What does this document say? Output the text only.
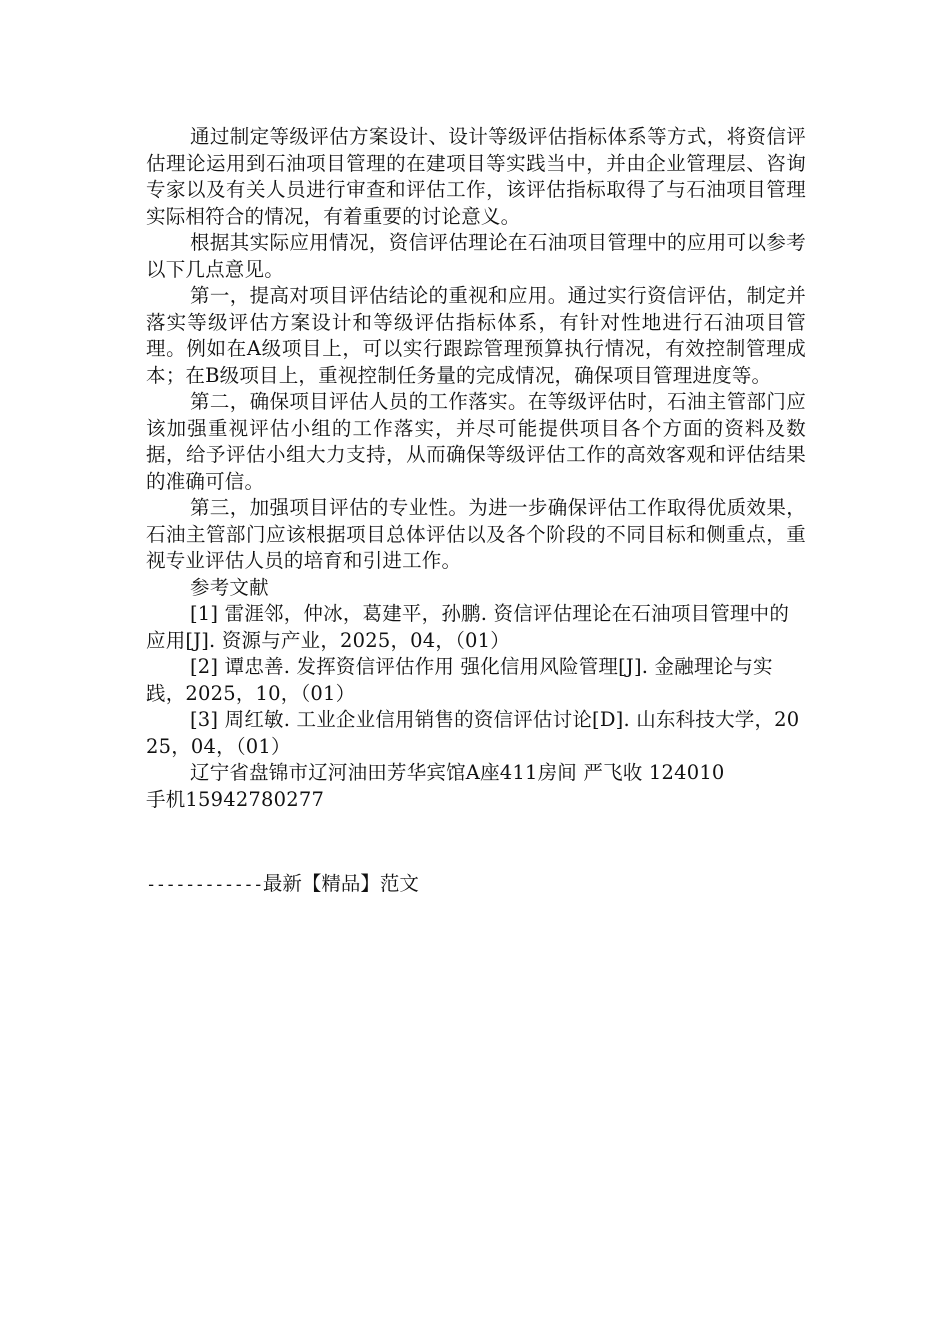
通过制定等级评估方案设计、设计等级评估指标体系等方式，将资信评估理论运用到石油项目管理的在建项目等实践当中，并由企业管理层、咨询专家以及有关人员进行审查和评估工作，该评估指标取得了与石油项目管理实际相符合的情况，有着重要的讨论意义。

根据其实际应用情况，资信评估理论在石油项目管理中的应用可以参考以下几点意见。

第一，提高对项目评估结论的重视和应用。通过实行资信评估，制定并落实等级评估方案设计和等级评估指标体系，有针对性地进行石油项目管理。例如在A级项目上，可以实行跟踪管理预算执行情况，有效控制管理成本；在B级项目上，重视控制任务量的完成情况，确保项目管理进度等。

第二，确保项目评估人员的工作落实。在等级评估时，石油主管部门应该加强重视评估小组的工作落实，并尽可能提供项目各个方面的资料及数据，给予评估小组大力支持，从而确保等级评估工作的高效客观和评估结果的准确可信。

第三，加强项目评估的专业性。为进一步确保评估工作取得优质效果，石油主管部门应该根据项目总体评估以及各个阶段的不同目标和侧重点，重视专业评估人员的培育和引进工作。

参考文献

[1] 雷涯邻，仲冰，葛建平，孙鹏. 资信评估理论在石油项目管理中的应用[J]. 资源与产业，2025，04，（01）

[2] 谭忠善. 发挥资信评估作用 强化信用风险管理[J]. 金融理论与实践，2025，10，（01）

[3] 周红敏. 工业企业信用销售的资信评估讨论[D]. 山东科技大学，2025，04，（01）

辽宁省盘锦市辽河油田芳华宾馆A座411房间 严飞收 124010

手机15942780277

------------最新【精品】范文
